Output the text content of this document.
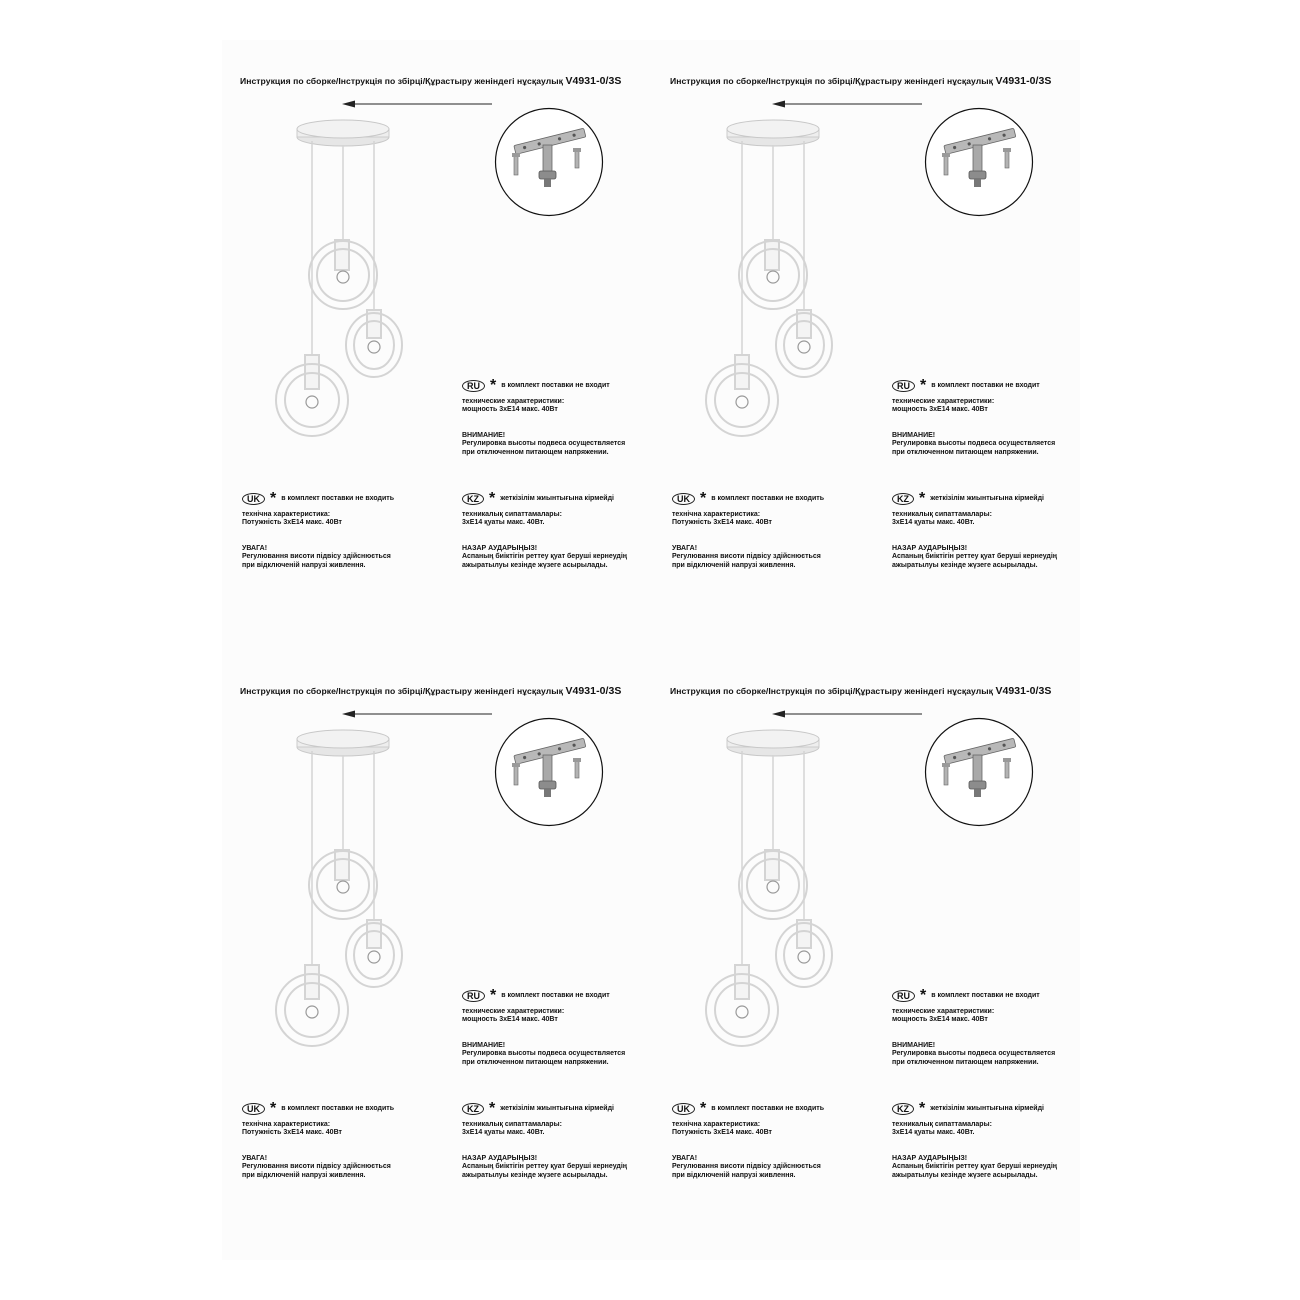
Инструкция по сборке/Інструкція по збірці/Құрастыру женіндегі нұсқаулық V4931-0/3S
RU * в комплект поставки не входит
технические характеристики:
мощность 3xE14 макс. 40Вт
ВНИМАНИЕ!
Регулировка высоты подвеса осуществляется
при отключенном питающем напряжении.
UK * в комплект поставки не входить
технічна характеристика:
Потужність 3xE14 макс. 40Вт
УВАГА!
Регулювання висоти підвісу здійснюється
при відключеній напрузі живлення.
KZ * жеткізілім жиынтығына кірмейді
техникалық сипаттамалары:
3xE14 қуаты макс. 40Вт.
НАЗАР АУДАРЫҢЫЗ!
Аспаның биіктігін реттеу қуат беруші кернеудің
ажыратылуы кезінде жүзеге асырылады.
Инструкция по сборке/Інструкція по збірці/Құрастыру женіндегі нұсқаулық V4931-0/3S
RU * в комплект поставки не входит
технические характеристики:
мощность 3xE14 макс. 40Вт
ВНИМАНИЕ!
Регулировка высоты подвеса осуществляется
при отключенном питающем напряжении.
UK * в комплект поставки не входить
технічна характеристика:
Потужність 3xE14 макс. 40Вт
УВАГА!
Регулювання висоти підвісу здійснюється
при відключеній напрузі живлення.
KZ * жеткізілім жиынтығына кірмейді
техникалық сипаттамалары:
3xE14 қуаты макс. 40Вт.
НАЗАР АУДАРЫҢЫЗ!
Аспаның биіктігін реттеу қуат беруші кернеудің
ажыратылуы кезінде жүзеге асырылады.
Инструкция по сборке/Інструкція по збірці/Құрастыру женіндегі нұсқаулық V4931-0/3S
RU * в комплект поставки не входит
технические характеристики:
мощность 3xE14 макс. 40Вт
ВНИМАНИЕ!
Регулировка высоты подвеса осуществляется
при отключенном питающем напряжении.
UK * в комплект поставки не входить
технічна характеристика:
Потужність 3xE14 макс. 40Вт
УВАГА!
Регулювання висоти підвісу здійснюється
при відключеній напрузі живлення.
KZ * жеткізілім жиынтығына кірмейді
техникалық сипаттамалары:
3xE14 қуаты макс. 40Вт.
НАЗАР АУДАРЫҢЫЗ!
Аспаның биіктігін реттеу қуат беруші кернеудің
ажыратылуы кезінде жүзеге асырылады.
Инструкция по сборке/Інструкція по збірці/Құрастыру женіндегі нұсқаулық V4931-0/3S
RU * в комплект поставки не входит
технические характеристики:
мощность 3xE14 макс. 40Вт
ВНИМАНИЕ!
Регулировка высоты подвеса осуществляется
при отключенном питающем напряжении.
UK * в комплект поставки не входить
технічна характеристика:
Потужність 3xE14 макс. 40Вт
УВАГА!
Регулювання висоти підвісу здійснюється
при відключеній напрузі живлення.
KZ * жеткізілім жиынтығына кірмейді
техникалық сипаттамалары:
3xE14 қуаты макс. 40Вт.
НАЗАР АУДАРЫҢЫЗ!
Аспаның биіктігін реттеу қуат беруші кернеудің
ажыратылуы кезінде жүзеге асырылады.
